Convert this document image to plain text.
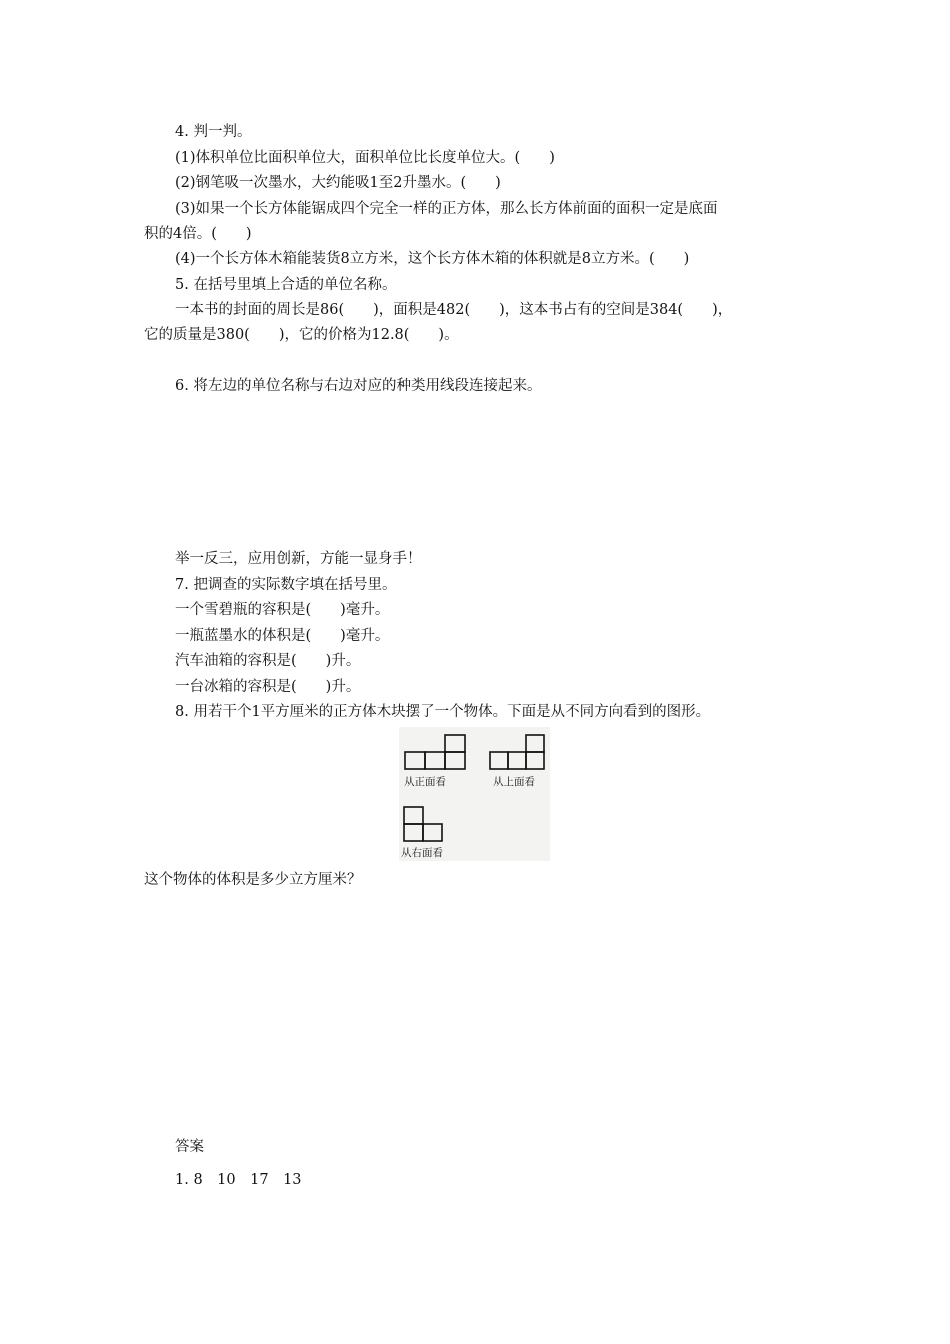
4. 判一判。
(1)体积单位比面积单位大，面积单位比长度单位大。(　　)
(2)钢笔吸一次墨水，大约能吸1至2升墨水。(　　)
(3)如果一个长方体能锯成四个完全一样的正方体，那么长方体前面的面积一定是底面
积的4倍。(　　)
(4)一个长方体木箱能装货8立方米，这个长方体木箱的体积就是8立方米。(　　)
5. 在括号里填上合适的单位名称。
一本书的封面的周长是86(　　)，面积是482(　　)，这本书占有的空间是384(　　)，
它的质量是380(　　)，它的价格为12.8(　　)。
6. 将左边的单位名称与右边对应的种类用线段连接起来。
举一反三，应用创新，方能一显身手！
7. 把调查的实际数字填在括号里。
一个雪碧瓶的容积是(　　)毫升。
一瓶蓝墨水的体积是(　　)毫升。
汽车油箱的容积是(　　)升。
一台冰箱的容积是(　　)升。
8. 用若干个1平方厘米的正方体木块摆了一个物体。下面是从不同方向看到的图形。
从正面看	从上面看
从右面看
这个物体的体积是多少立方厘米？
答案
1. 8　10　17　13
